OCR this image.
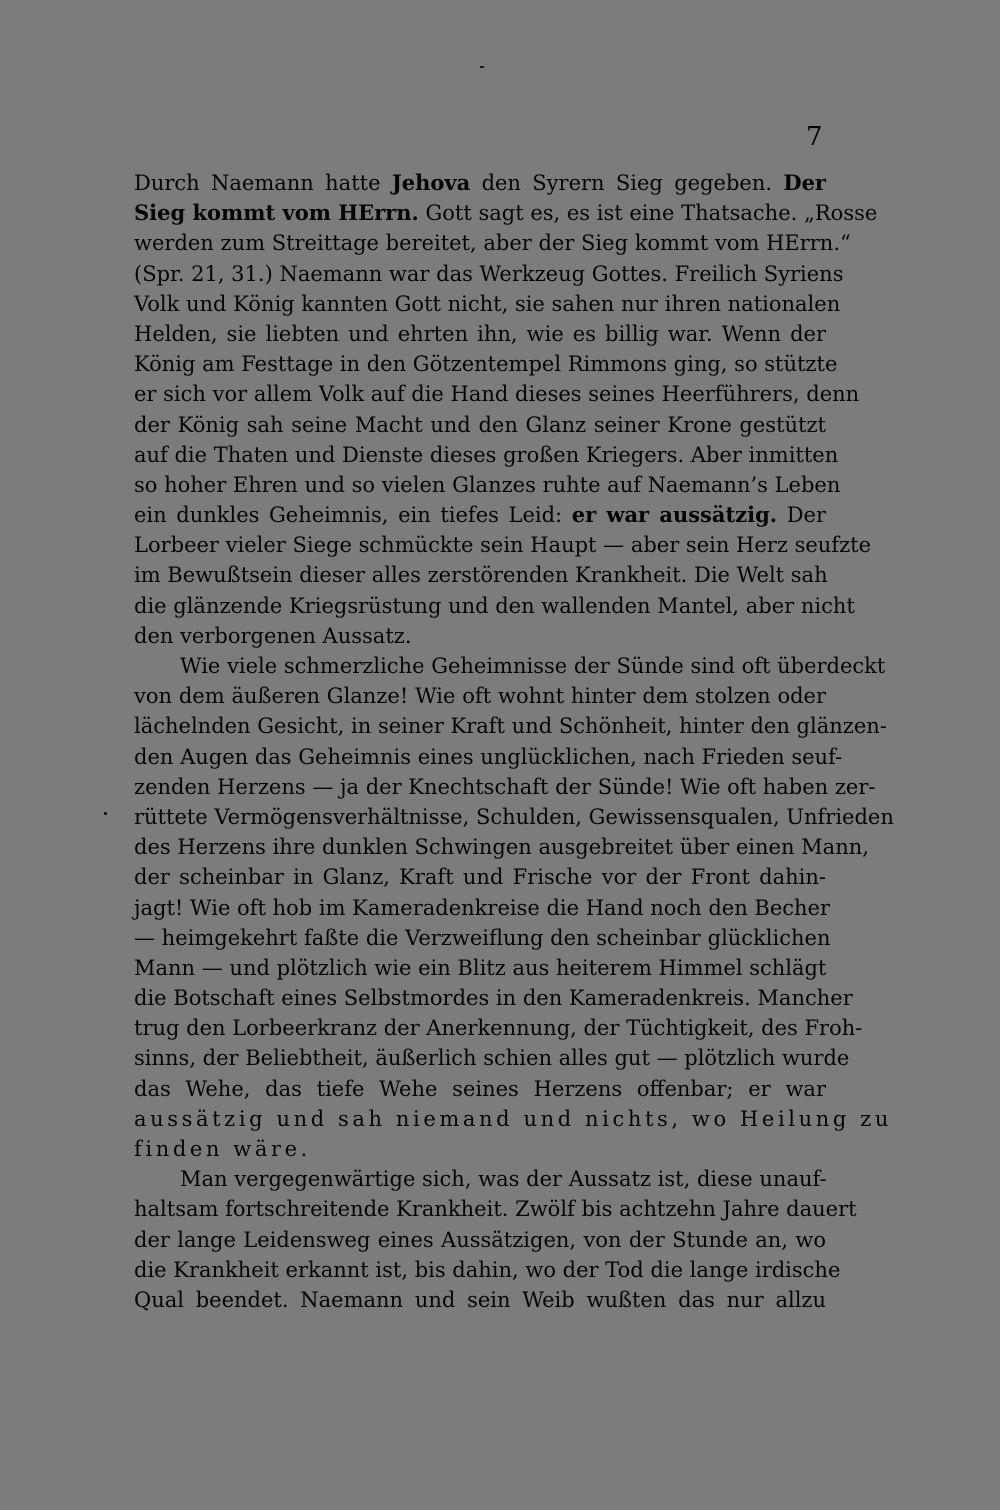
7
Durch Naemann hatte Jehova den Syrern Sieg gegeben. Der
Sieg kommt vom HErrn. Gott sagt es, es ist eine Thatsache. „Rosse
werden zum Streittage bereitet, aber der Sieg kommt vom HErrn.“
(Spr. 21, 31.) Naemann war das Werkzeug Gottes. Freilich Syriens
Volk und König kannten Gott nicht, sie sahen nur ihren nationalen
Helden, sie liebten und ehrten ihn, wie es billig war. Wenn der
König am Festtage in den Götzentempel Rimmons ging, so stützte
er sich vor allem Volk auf die Hand dieses seines Heerführers, denn
der König sah seine Macht und den Glanz seiner Krone gestützt
auf die Thaten und Dienste dieses großen Kriegers. Aber inmitten
so hoher Ehren und so vielen Glanzes ruhte auf Naemann’s Leben
ein dunkles Geheimnis, ein tiefes Leid: er war aussätzig. Der
Lorbeer vieler Siege schmückte sein Haupt — aber sein Herz seufzte
im Bewußtsein dieser alles zerstörenden Krankheit. Die Welt sah
die glänzende Kriegsrüstung und den wallenden Mantel, aber nicht
den verborgenen Aussatz.
Wie viele schmerzliche Geheimnisse der Sünde sind oft überdeckt
von dem äußeren Glanze! Wie oft wohnt hinter dem stolzen oder
lächelnden Gesicht, in seiner Kraft und Schönheit, hinter den glänzen-
den Augen das Geheimnis eines unglücklichen, nach Frieden seuf-
zenden Herzens — ja der Knechtschaft der Sünde! Wie oft haben zer-
rüttete Vermögensverhältnisse, Schulden, Gewissensqualen, Unfrieden
des Herzens ihre dunklen Schwingen ausgebreitet über einen Mann,
der scheinbar in Glanz, Kraft und Frische vor der Front dahin-
jagt! Wie oft hob im Kameradenkreise die Hand noch den Becher
— heimgekehrt faßte die Verzweiflung den scheinbar glücklichen
Mann — und plötzlich wie ein Blitz aus heiterem Himmel schlägt
die Botschaft eines Selbstmordes in den Kameradenkreis. Mancher
trug den Lorbeerkranz der Anerkennung, der Tüchtigkeit, des Froh-
sinns, der Beliebtheit, äußerlich schien alles gut — plötzlich wurde
das Wehe, das tiefe Wehe seines Herzens offenbar; er war
aussätzig und sah niemand und nichts, wo Heilung zu
finden wäre.
Man vergegenwärtige sich, was der Aussatz ist, diese unauf-
haltsam fortschreitende Krankheit. Zwölf bis achtzehn Jahre dauert
der lange Leidensweg eines Aussätzigen, von der Stunde an, wo
die Krankheit erkannt ist, bis dahin, wo der Tod die lange irdische
Qual beendet. Naemann und sein Weib wußten das nur allzu
